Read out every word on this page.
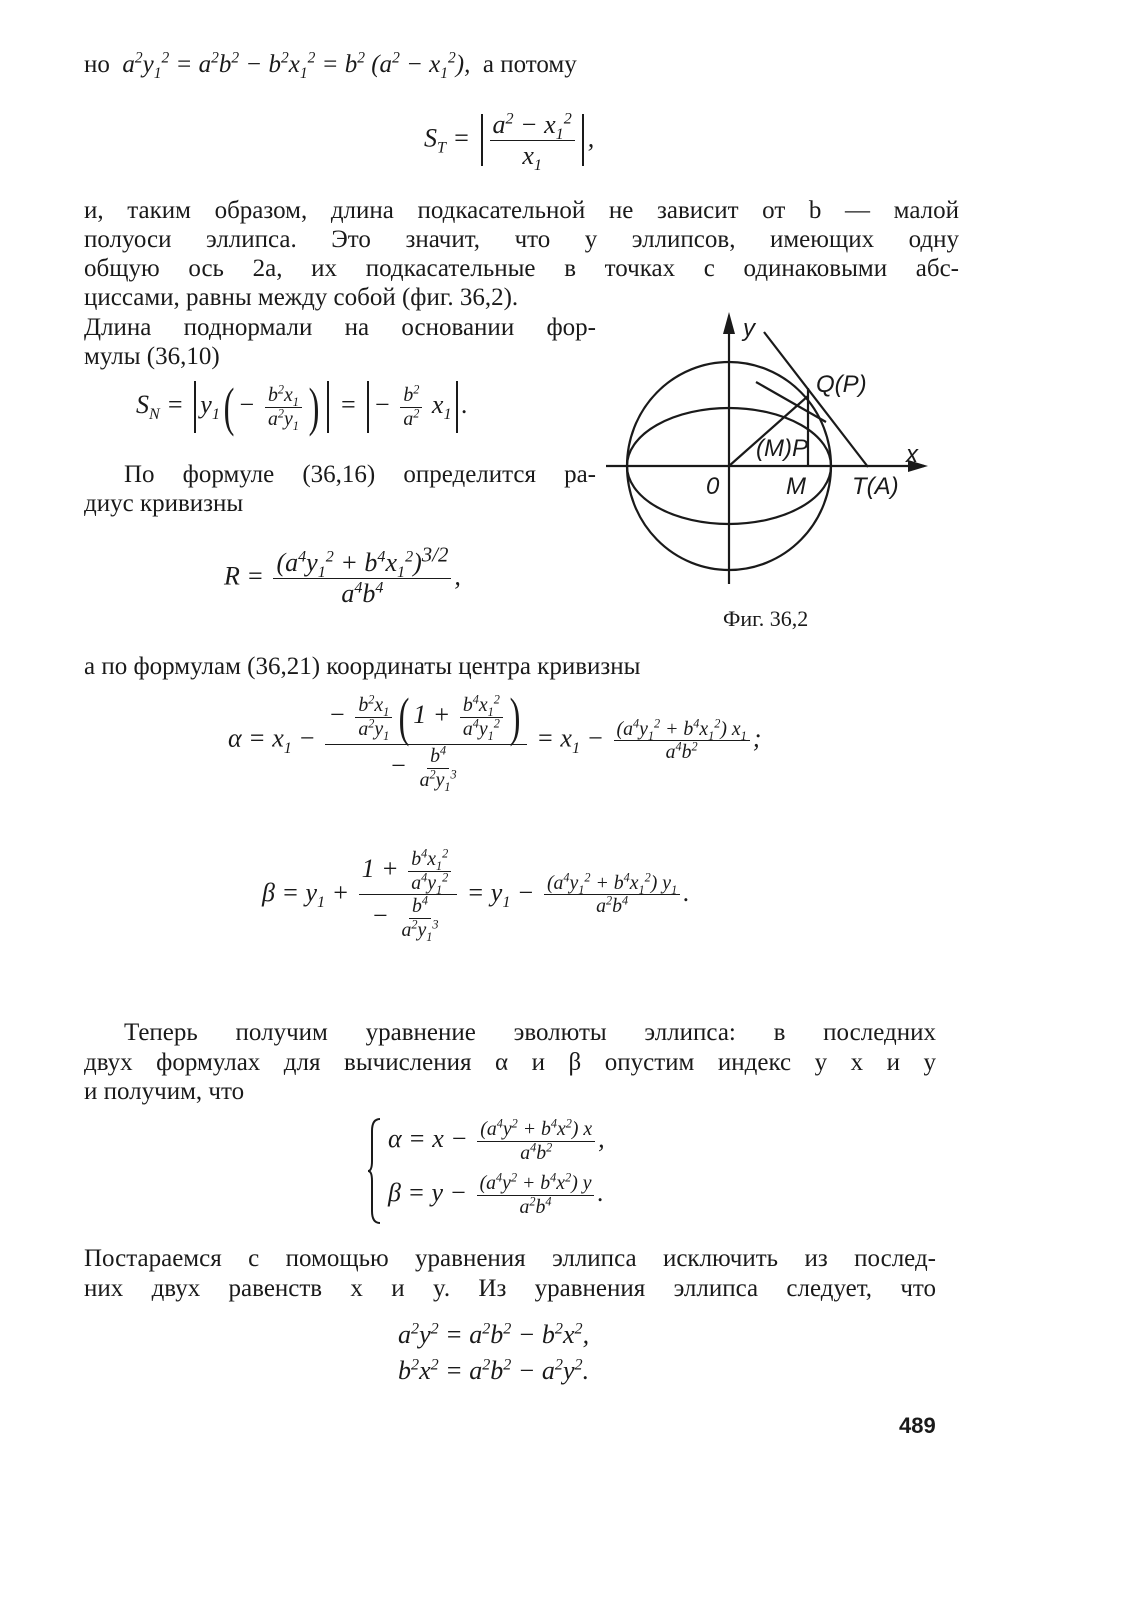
но  $a^2y_1^2 = a^2b^2 - b^2x_1^2 = b^2$ $(a^2 - x_1^2)$,  а потому
$S_T = \frac{a^2 - x_1^2}{x_1}$ ,
и, таким образом, длина подкасательной не зависит от b — малой
полуоси эллипса. Это значит, что у эллипсов, имеющих одну
общую ось 2a, их подкасательные в точках с одинаковыми абс-
циссами, равны между собой (фиг. 36,2).
Длина поднормали на основании фор-
мулы (36,10)
$S_N = y_1( - \frac{b^2x_1}{a^2y_1}$ ) = − $\frac{b^2}{a^2} x_1$ .
По формуле (36,16) определится ра-
диус кривизны
$R = \frac{(a^4y_1^2 + b^4x_1^2)^{3/2}}{a^4b^4}$ ,
y
x
0	M
Q(P)
(M)P
T(A)
Фиг. 36,2
а по формулам (36,21) координаты центра кривизны
$\alpha = x_1 - \frac{- \frac{b^2x_1}{a^2y_1} ( 1 + \frac{b^4x_1^2}{a^4y_1^2} )}{- \frac{b^4}{a^2y_1^3}} = x_1 - \frac{(a^4y_1^2 + b^4x_1^2) x_1}{a^4b^2}$ ;
$\beta = y_1 + \frac{1 + \frac{b^4x_1^2}{a^4y_1^2}}{- \frac{b^4}{a^2y_1^3}} = y_1 - \frac{(a^4y_1^2 + b^4x_1^2) y_1}{a^2b^4}$ .
Теперь получим уравнение эволюты эллипса: в последних
двух формулах для вычисления α и β опустим индекс у x и y
и получим, что
$\alpha = x - \frac{(a^4y^2 + b^4x^2) x}{a^4b^2}$ ,
$\beta = y - \frac{(a^4y^2 + b^4x^2) y}{a^2b^4}$ .
Постараемся с помощью уравнения эллипса исключить из послед-
них двух равенств x и y. Из уравнения эллипса следует, что
$a^2y^2 = a^2b^2 - b^2x^2$,
$b^2x^2 = a^2b^2 - a^2y^2$.
489
